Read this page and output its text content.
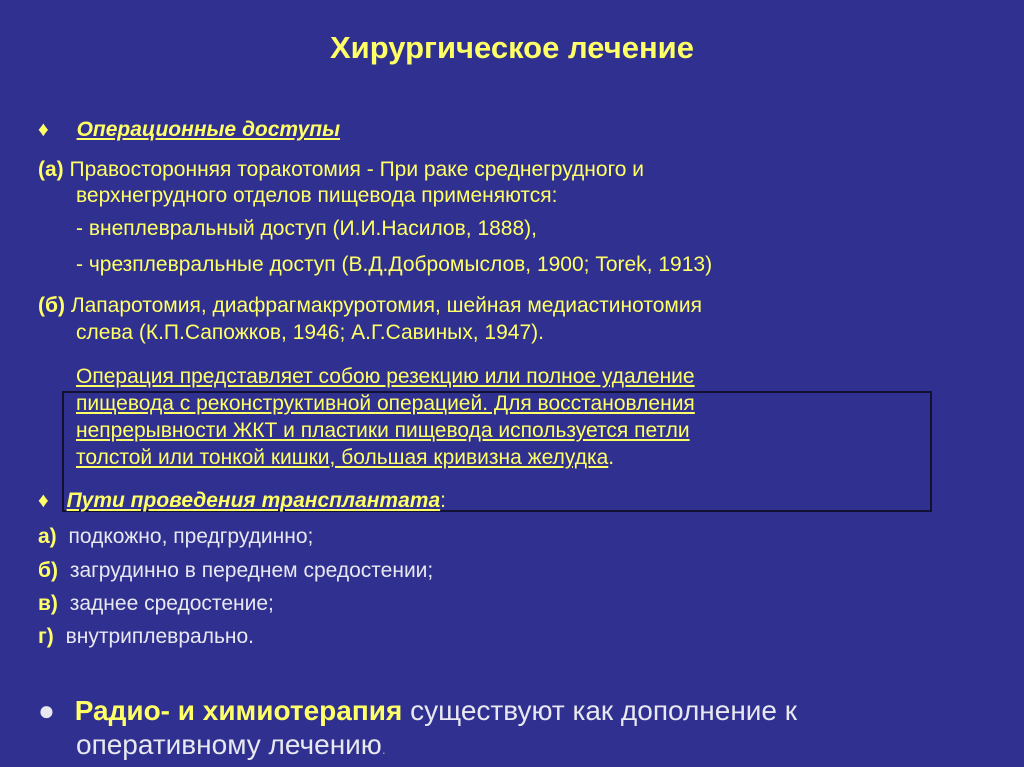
Хирургическое лечение
♦ Операционные доступы
(а) Правосторонняя торакотомия - При раке среднегрудного и
верхнегрудного отделов пищевода применяются:
- внеплевральный доступ (И.И.Насилов, 1888),
- чрезплевральные доступ (В.Д.Добромыслов, 1900; Torek, 1913)
(б) Лапаротомия, диафрагмакруротомия, шейная медиастинотомия
слева (К.П.Сапожков, 1946; А.Г.Савиных, 1947).
Операция представляет собою резекцию или полное удаление
пищевода с реконструктивной операцией. Для восстановления
непрерывности ЖКТ и пластики пищевода используется петли
толстой или тонкой кишки, большая кривизна желудка.
♦ Пути проведения трансплантата:
а) подкожно, предгрудинно;
б) загрудинно в переднем средостении;
в) заднее средостение;
г) внутриплеврально.
● Радио- и химиотерапия существуют как дополнение к
оперативному лечению.
